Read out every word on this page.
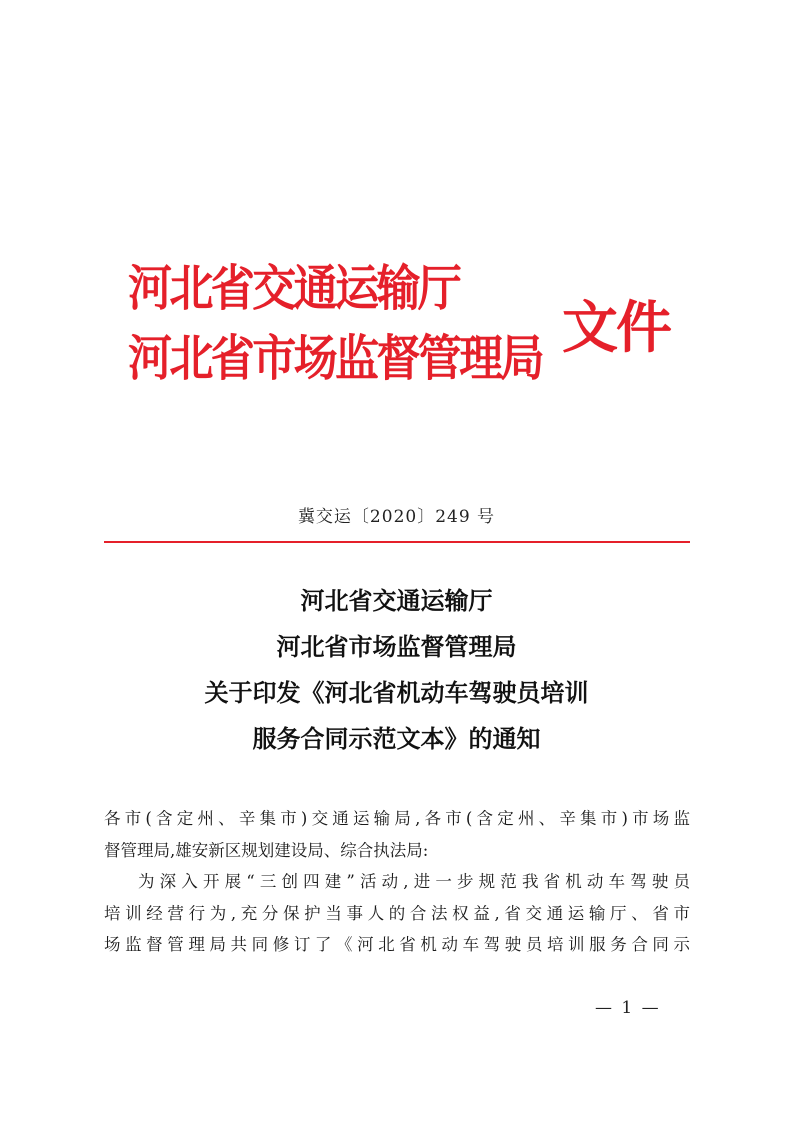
河北省交通运输厅
河北省市场监督管理局 文件
冀交运〔2020〕249 号
河北省交通运输厅
河北省市场监督管理局
关于印发《河北省机动车驾驶员培训
服务合同示范文本》的通知
各市(含定州、辛集市)交通运输局,各市(含定州、辛集市)市场监
督管理局,雄安新区规划建设局、综合执法局:
为深入开展“三创四建”活动,进一步规范我省机动车驾驶员
培训经营行为,充分保护当事人的合法权益,省交通运输厅、省市
场监督管理局共同修订了《河北省机动车驾驶员培训服务合同示
— 1 —
